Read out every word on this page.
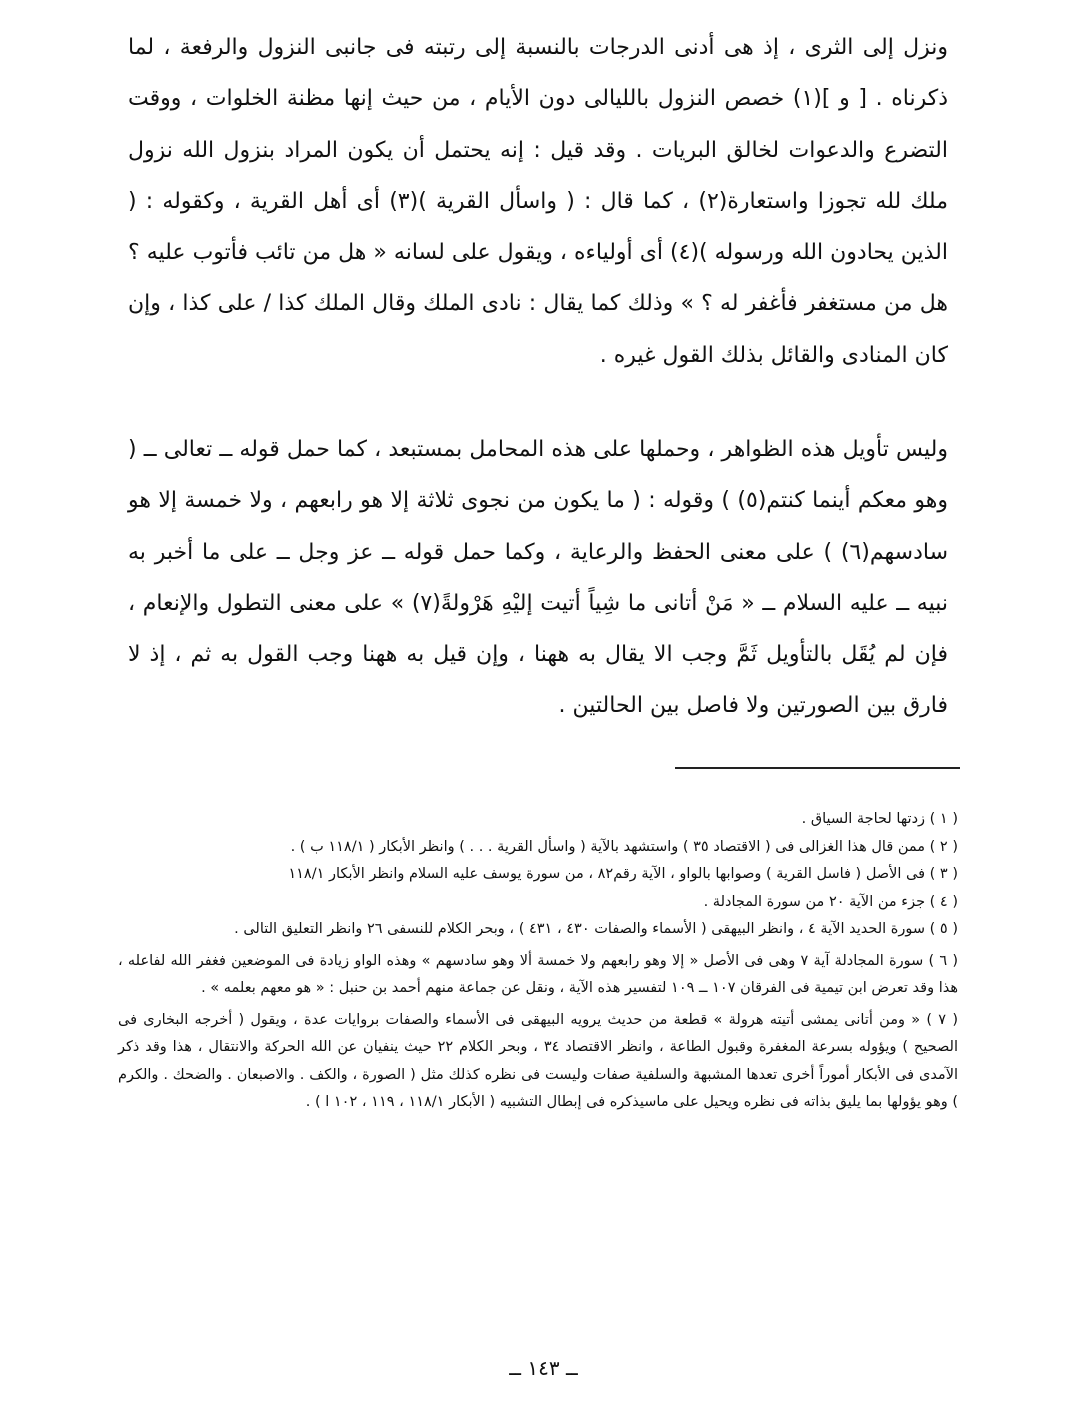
ونزل إلى الثرى ، إذ هى أدنى الدرجات بالنسبة إلى رتبته فى جانبى النزول والرفعة ، لما ذكرناه . [ و ](١) خصص النزول بالليالى دون الأيام ، من حيث إنها مظنة الخلوات ، ووقت التضرع والدعوات لخالق البريات . وقد قيل : إنه يحتمل أن يكون المراد بنزول الله نزول ملك لله تجوزا واستعارة(٢) ، كما قال : ( واسأل القرية )(٣) أى أهل القرية ، وكقوله : ( الذين يحادون الله ورسوله )(٤) أى أولياءه ، ويقول على لسانه « هل من تائب فأتوب عليه ؟ هل من مستغفر فأغفر له ؟ » وذلك كما يقال : نادى الملك وقال الملك كذا / على كذا ، وإن كان المنادى والقائل بذلك القول غيره .
وليس تأويل هذه الظواهر ، وحملها على هذه المحامل بمستبعد ، كما حمل قوله ــ تعالى ــ ( وهو معكم أينما كنتم(٥) ) وقوله : ( ما يكون من نجوى ثلاثة إلا هو رابعهم ، ولا خمسة إلا هو سادسهم(٦) ) على معنى الحفظ والرعاية ، وكما حمل قوله ــ عز وجل ــ على ما أخبر به نبيه ــ عليه السلام ــ « مَنْ أتانى ما شِياً أتيت إليْهِ هَرْولةً(٧) » على معنى التطول والإنعام ، فإن لم يُقَل بالتأويل ثَمَّ وجب الا يقال به ههنا ، وإن قيل به ههنا وجب القول به ثم ، إذ لا فارق بين الصورتين ولا فاصل بين الحالتين .

( ١ ) زدتها لحاجة السياق .

( ٢ ) ممن قال هذا الغزالى فى ( الاقتصاد ٣٥ ) واستشهد بالآية ( واسأل القرية . . . ) وانظر الأبكار ( ١١٨/١ ب ) .

( ٣ ) فى الأصل ( فاسل القرية ) وصوابها بالواو ، الآية رقم٨٢ ، من سورة يوسف عليه السلام وانظر الأبكار ١١٨/١

( ٤ ) جزء من الآية ٢٠ من سورة المجادلة .

( ٥ ) سورة الحديد الآية ٤ ، وانظر البيهقى ( الأسماء والصفات ٤٣٠ ، ٤٣١ ) ، وبحر الكلام للنسفى ٢٦ وانظر التعليق التالى .

( ٦ ) سورة المجادلة آية ٧ وهى فى الأصل « إلا وهو رابعهم ولا خمسة ألا وهو سادسهم » وهذه الواو زيادة فى الموضعين فغفر الله لفاعله ، هذا وقد تعرض ابن تيمية فى الفرقان ١٠٧ ــ ١٠٩ لتفسير هذه الآية ، ونقل عن جماعة منهم أحمد بن حنبل : « هو معهم بعلمه » .

( ٧ ) « ومن أتانى يمشى أتيته هرولة » قطعة من حديث يرويه البيهقى فى الأسماء والصفات بروايات عدة ، ويقول ( أخرجه البخارى فى الصحيح ) ويؤوله بسرعة المغفرة وقبول الطاعة ، وانظر الاقتصاد ٣٤ ، وبحر الكلام ٢٢ حيث ينفيان عن الله الحركة والانتقال ، هذا وقد ذكر الآمدى فى الأبكار أموراً أخرى تعدها المشبهة والسلفية صفات وليست فى نظره كذلك مثل ( الصورة ، والكف . والاصبعان . والضحك . والكرم ) وهو يؤولها بما يليق بذاته فى نظره ويحيل على ماسيذكره فى إبطال التشبيه ( الأبكار ١١٨/١ ، ١١٩ ، ١٠٢ ا ) .

ــ ١٤٣ ــ
